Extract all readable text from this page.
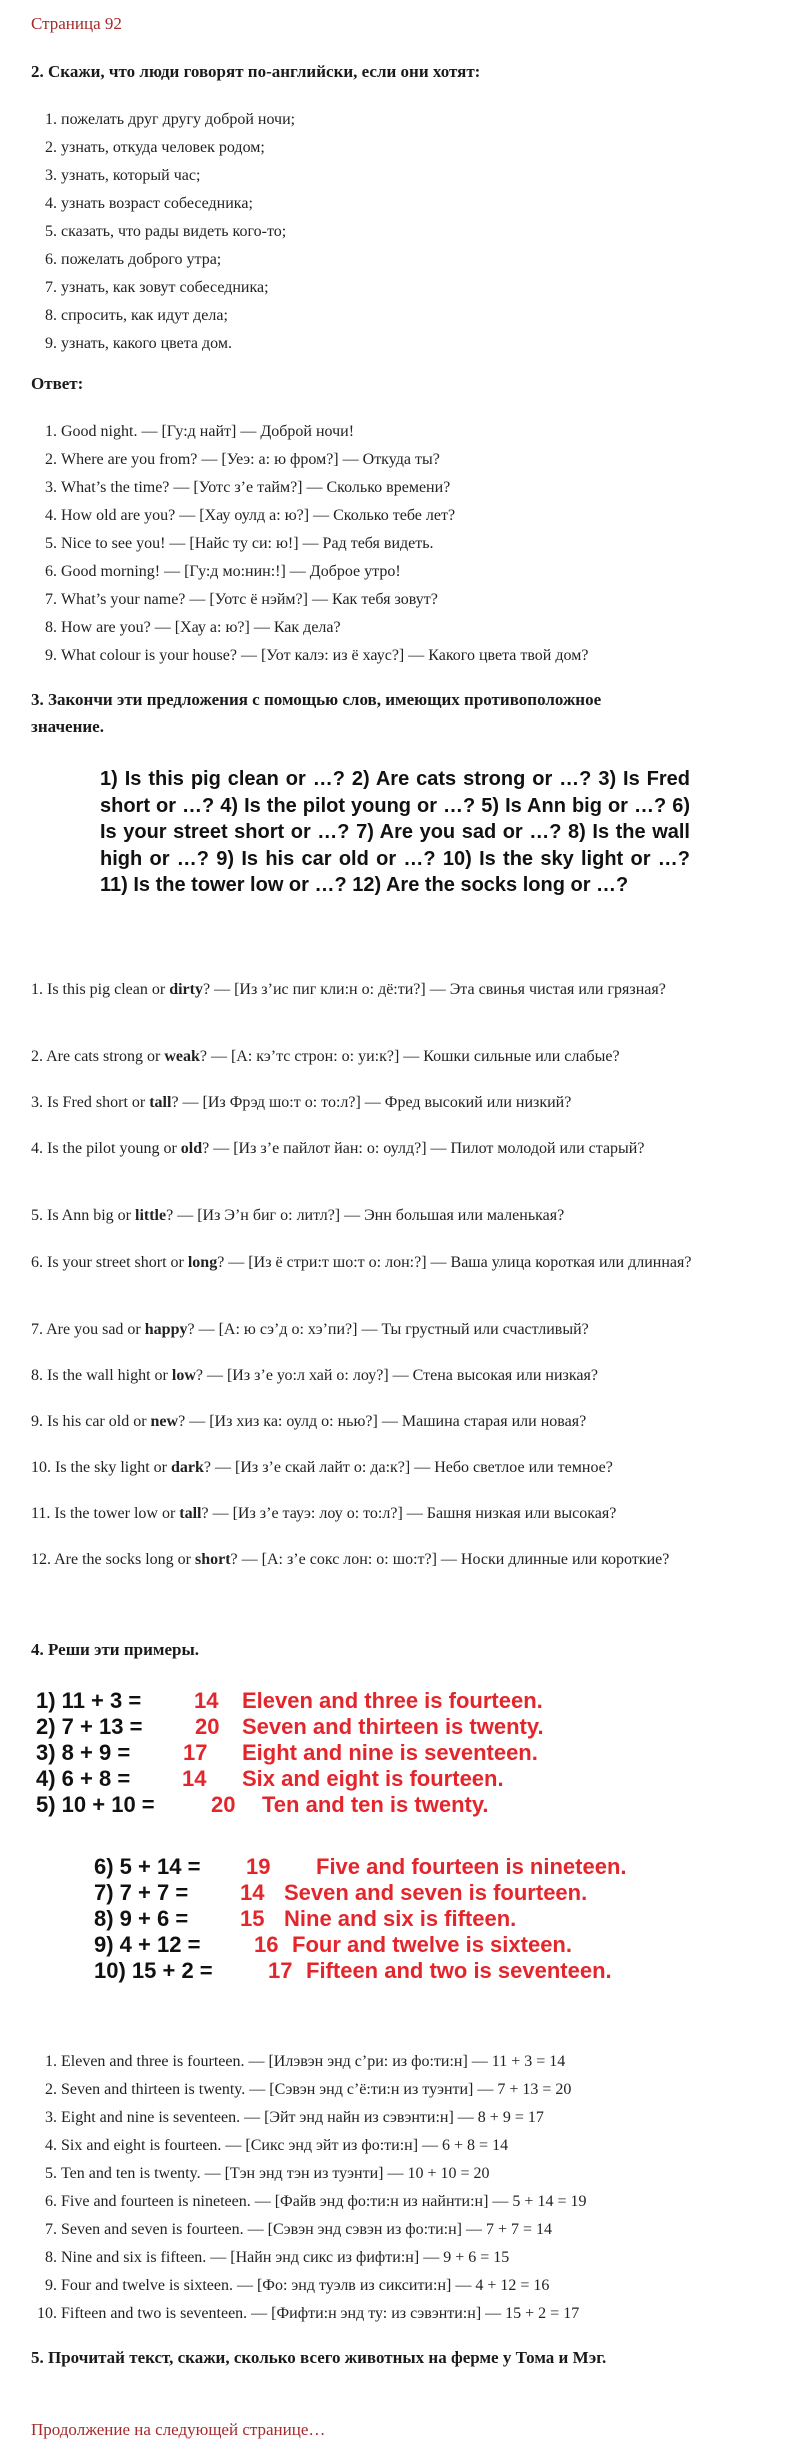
Страница 92
2. Скажи, что люди говорят по-английски, если они хотят:
1. пожелать друг другу доброй ночи;
2. узнать, откуда человек родом;
3. узнать, который час;
4. узнать возраст собеседника;
5. сказать, что рады видеть кого-то;
6. пожелать доброго утра;
7. узнать, как зовут собеседника;
8. спросить, как идут дела;
9. узнать, какого цвета дом.
Ответ:
1. Good night. — [Гу:д найт] — Доброй ночи!
2. Where are you from? — [Уеэ: а: ю фром?] — Откуда ты?
3. What’s the time? — [Уотс з’е тайм?] — Сколько времени?
4. How old are you? — [Хау оулд а: ю?] — Сколько тебе лет?
5. Nice to see you! — [Найс ту си: ю!] — Рад тебя видеть.
6. Good morning! — [Гу:д мо:нин:!] — Доброе утро!
7. What’s your name? — [Уотс ё нэйм?] — Как тебя зовут?
8. How are you? — [Хау а: ю?] — Как дела?
9. What colour is your house? — [Уот калэ: из ё хаус?] — Какого цвета твой дом?
3. Закончи эти предложения с помощью слов, имеющих противоположное значение.
1) Is this pig clean or …? 2) Are cats strong or …? 3) Is Fred short or …? 4) Is the pilot young or …? 5) Is Ann big or …? 6) Is your street short or …? 7) Are you sad or …? 8) Is the wall high or …? 9) Is his car old or …? 10) Is the sky light or …? 11) Is the tower low or …? 12) Are the socks long or …?
1. Is this pig clean or dirty? — [Из з’ис пиг кли:н о: дё:ти?] — Эта свинья чистая или грязная?
2. Are cats strong or weak? — [А: кэ’тс строн: о: уи:к?] — Кошки сильные или слабые?
3. Is Fred short or tall? — [Из Фрэд шо:т о: то:л?] — Фред высокий или низкий?
4. Is the pilot young or old? — [Из з’е пайлот йан: о: оулд?] — Пилот молодой или старый?
5. Is Ann big or little? — [Из Э’н биг о: литл?] — Энн большая или маленькая?
6. Is your street short or long? — [Из ё стри:т шо:т о: лон:?] — Ваша улица короткая или длинная?
7. Are you sad or happy? — [А: ю сэ’д о: хэ’пи?] — Ты грустный или счастливый?
8. Is the wall hight or low? — [Из з’е уо:л хай о: лоу?] — Стена высокая или низкая?
9. Is his car old or new? — [Из хиз ка: оулд о: нью?] — Машина старая или новая?
10. Is the sky light or dark? — [Из з’е скай лайт о: да:к?] — Небо светлое или темное?
11. Is the tower low or tall? — [Из з’е тауэ: лоу о: то:л?] — Башня низкая или высокая?
12. Are the socks long or short? — [А: з’е сокс лон: о: шо:т?] — Носки длинные или короткие?
4. Реши эти примеры.
1) 11 + 3 = 14 Eleven and three is fourteen.
2) 7 + 13 = 20 Seven and thirteen is twenty.
3) 8 + 9 = 17 Eight and nine is seventeen.
4) 6 + 8 = 14 Six and eight is fourteen.
5) 10 + 10 =	20 Ten and ten is twenty.
6) 5 + 14 = 19 Five and fourteen is nineteen.
7) 7 + 7 = 14 Seven and seven is fourteen.
8) 9 + 6 = 15 Nine and six is fifteen.
9) 4 + 12 = 16 Four and twelve is sixteen.
10) 15 + 2 =	17 Fifteen and two is seventeen.
1. Eleven and three is fourteen. — [Илэвэн энд с’ри: из фо:ти:н] — 11 + 3 = 14
2. Seven and thirteen is twenty. — [Сэвэн энд с’ё:ти:н из туэнти] — 7 + 13 = 20
3. Eight and nine is seventeen. — [Эйт энд найн из сэвэнти:н] — 8 + 9 = 17
4. Six and eight is fourteen. — [Сикс энд эйт из фо:ти:н] — 6 + 8 = 14
5. Ten and ten is twenty. — [Тэн энд тэн из туэнти] — 10 + 10 = 20
6. Five and fourteen is nineteen. — [Файв энд фо:ти:н из найнти:н] — 5 + 14 = 19
7. Seven and seven is fourteen. — [Сэвэн энд сэвэн из фо:ти:н] — 7 + 7 = 14
8. Nine and six is fifteen. — [Найн энд сикс из фифти:н] — 9 + 6 = 15
9. Four and twelve is sixteen. — [Фо: энд туэлв из сиксити:н] — 4 + 12 = 16
10. Fifteen and two is seventeen. — [Фифти:н энд ту: из сэвэнти:н] — 15 + 2 = 17
5. Прочитай текст, скажи, сколько всего животных на ферме у Тома и Мэг.
Продолжение на следующей странице…
